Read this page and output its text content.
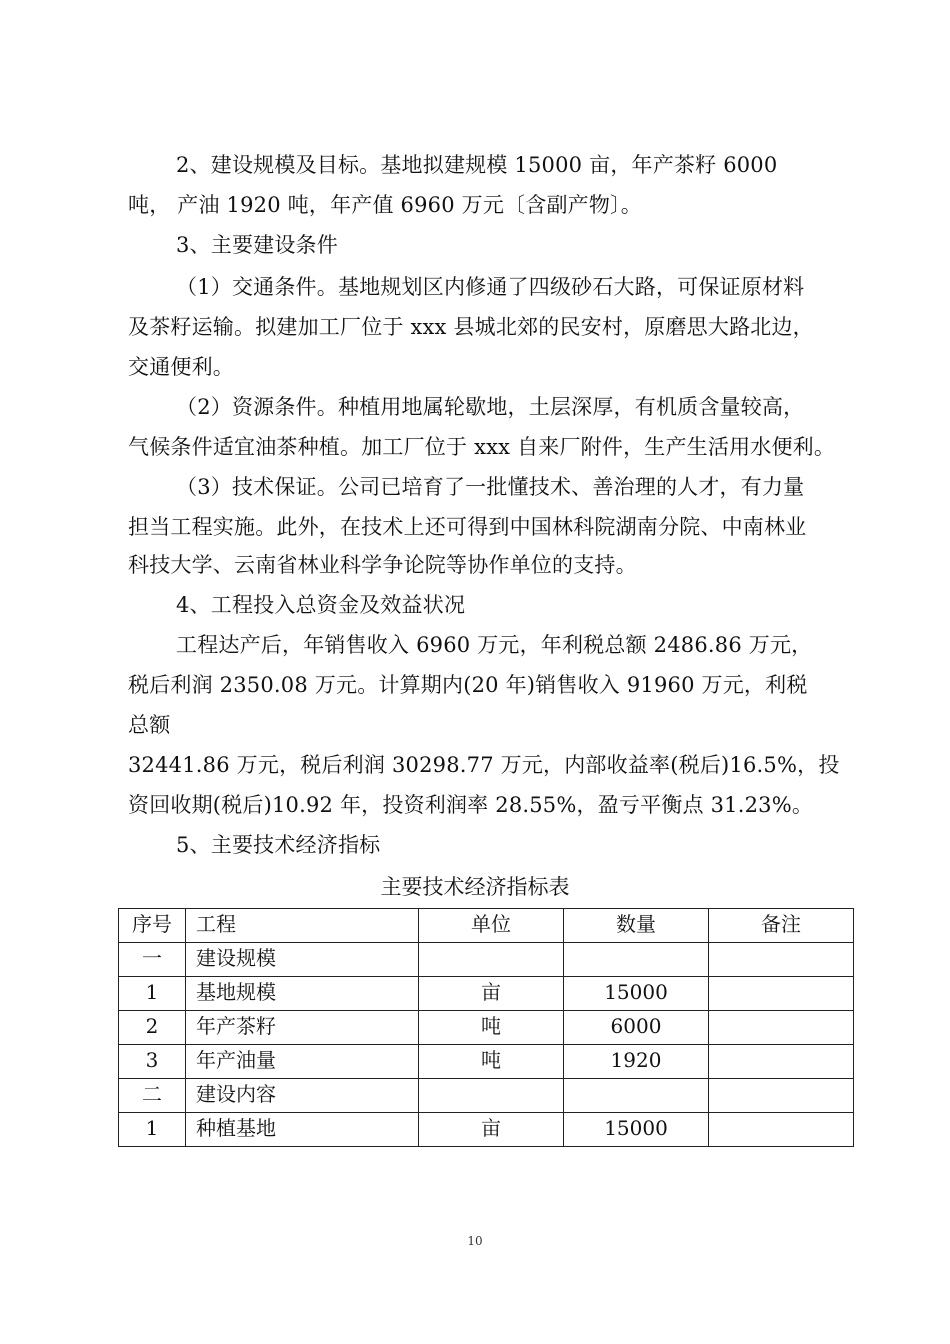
2、建设规模及目标。基地拟建规模 15000 亩，年产茶籽 6000
吨， 产油 1920 吨，年产值 6960 万元〔含副产物〕。
3、主要建设条件
（1）交通条件。基地规划区内修通了四级砂石大路，可保证原材料
及茶籽运输。拟建加工厂位于 xxx 县城北郊的民安村，原磨思大路北边，
交通便利。
（2）资源条件。种植用地属轮歇地，土层深厚，有机质含量较高，
气候条件适宜油茶种植。加工厂位于 xxx 自来厂附件，生产生活用水便利。
（3）技术保证。公司已培育了一批懂技术、善治理的人才，有力量
担当工程实施。此外，在技术上还可得到中国林科院湖南分院、中南林业
科技大学、云南省林业科学争论院等协作单位的支持。
4、工程投入总资金及效益状况
工程达产后，年销售收入 6960 万元，年利税总额 2486.86 万元，
税后利润 2350.08 万元。计算期内(20 年)销售收入 91960 万元，利税
总额
32441.86 万元，税后利润 30298.77 万元，内部收益率(税后)16.5%，投
资回收期(税后)10.92 年，投资利润率 28.55%，盈亏平衡点 31.23%。
5、主要技术经济指标
主要技术经济指标表
序号	工程	单位	数量	备注
一	建设规模			
1	基地规模	亩	15000	
2	年产茶籽	吨	6000	
3	年产油量	吨	1920	
二	建设内容			
1	种植基地	亩	15000	
10
